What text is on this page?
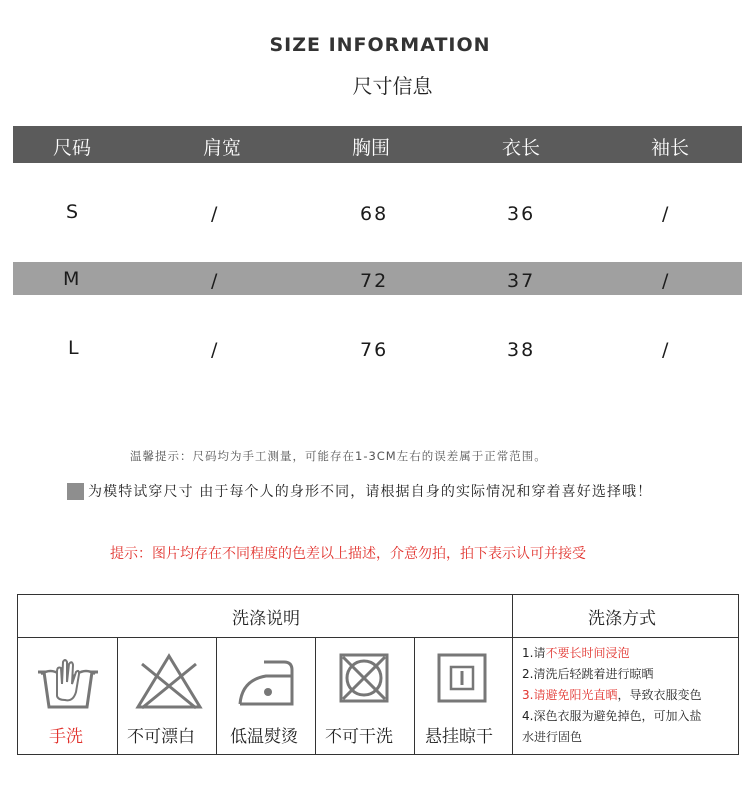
SIZE INFORMATION
尺寸信息
尺码	肩宽	胸围	衣长	袖长
S	/	68	36	/
M	/	72	37	/
L	/	76	38	/
温馨提示：尺码均为手工测量，可能存在1-3CM左右的误差属于正常范围。
为模特试穿尺寸 由于每个人的身形不同，请根据自身的实际情况和穿着喜好选择哦！
提示：图片均存在不同程度的色差以上描述，介意勿拍，拍下表示认可并接受
洗涤说明	洗涤方式
手洗	不可漂白 低温熨烫 不可干洗 悬挂晾干
1.请不要长时间浸泡
2.清洗后轻跳着进行晾晒
3.请避免阳光直晒，导致衣服变色
4.深色衣服为避免掉色，可加入盐
水进行固色
